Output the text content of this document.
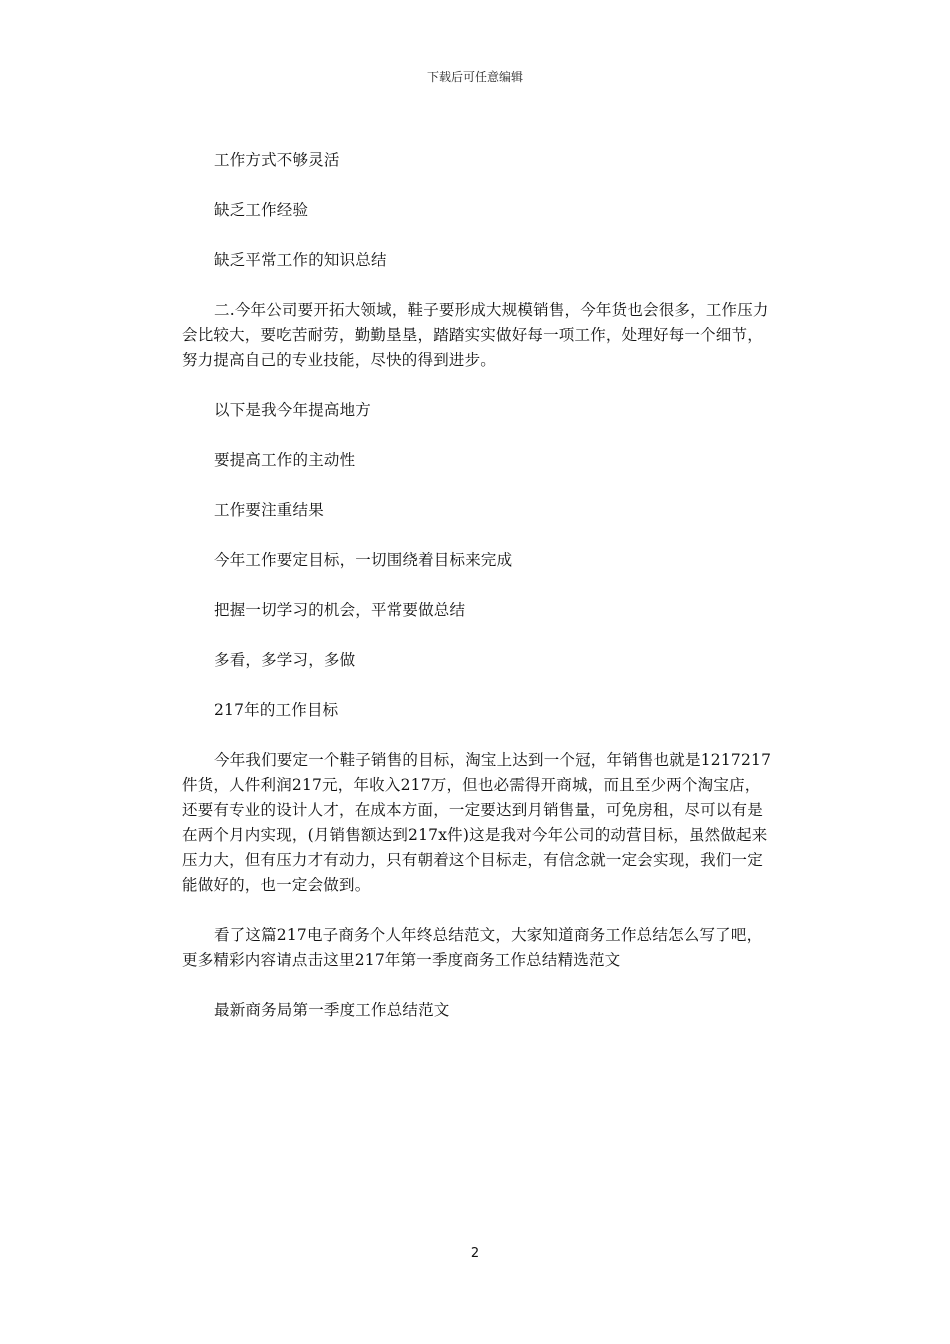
下载后可任意编辑

工作方式不够灵活

缺乏工作经验

缺乏平常工作的知识总结

二.今年公司要开拓大领域，鞋子要形成大规模销售，今年货也会很多，工作压力会比较大，要吃苦耐劳，勤勤垦垦，踏踏实实做好每一项工作，处理好每一个细节，努力提高自己的专业技能，尽快的得到进步。

以下是我今年提高地方

要提高工作的主动性

工作要注重结果

今年工作要定目标，一切围绕着目标来完成

把握一切学习的机会，平常要做总结

多看，多学习，多做

217年的工作目标

今年我们要定一个鞋子销售的目标，淘宝上达到一个冠，年销售也就是1217217件货，人件利润217元，年收入217万，但也必需得开商城，而且至少两个淘宝店，还要有专业的设计人才，在成本方面，一定要达到月销售量，可免房租，尽可以有是在两个月内实现，(月销售额达到217x件)这是我对今年公司的动营目标，虽然做起来压力大，但有压力才有动力，只有朝着这个目标走，有信念就一定会实现，我们一定能做好的，也一定会做到。

看了这篇217电子商务个人年终总结范文，大家知道商务工作总结怎么写了吧，更多精彩内容请点击这里217年第一季度商务工作总结精选范文

最新商务局第一季度工作总结范文

2
